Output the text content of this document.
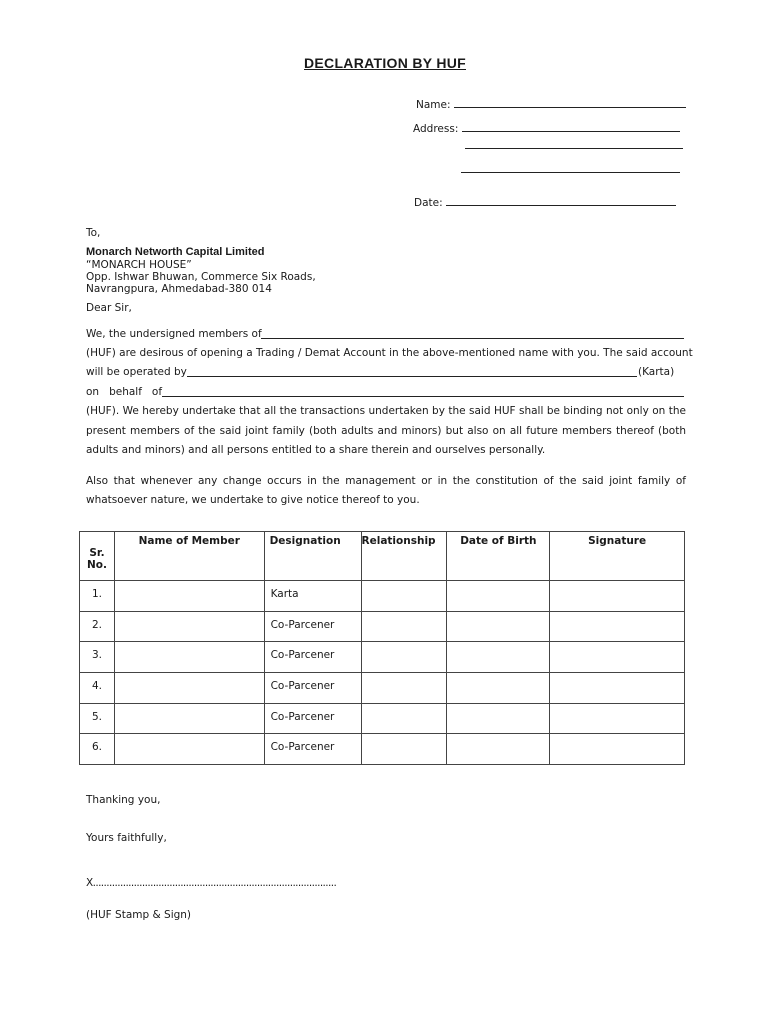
DECLARATION BY HUF
Name:
Address:
Date:
To,
Monarch Networth Capital Limited
“MONARCH HOUSE”
Opp. Ishwar Bhuwan, Commerce Six Roads,
Navrangpura, Ahmedabad-380 014
Dear Sir,
We, the undersigned members of
(HUF) are desirous of opening a Trading / Demat Account in the above-mentioned name with you. The said account
will be operated by	(Karta)
on   behalf   of
(HUF). We hereby undertake that all the transactions undertaken by the said HUF shall be binding not only on the
present members of the said joint family (both adults and minors) but also on all future members thereof (both
adults and minors) and all persons entitled to a share therein and ourselves personally.
Also that whenever any change occurs in the management or in the constitution of the said joint family of
whatsoever nature, we undertake to give notice thereof to you.
Sr. No.	Name of Member	Designation	Relationship	Date of Birth	Signature

1.		Karta			

2.		Co-Parcener			

3.		Co-Parcener			

4.		Co-Parcener			

5.		Co-Parcener			

6.		Co-Parcener			

Thanking you,
Yours faithfully,
X.........................................................................................
(HUF Stamp & Sign)
